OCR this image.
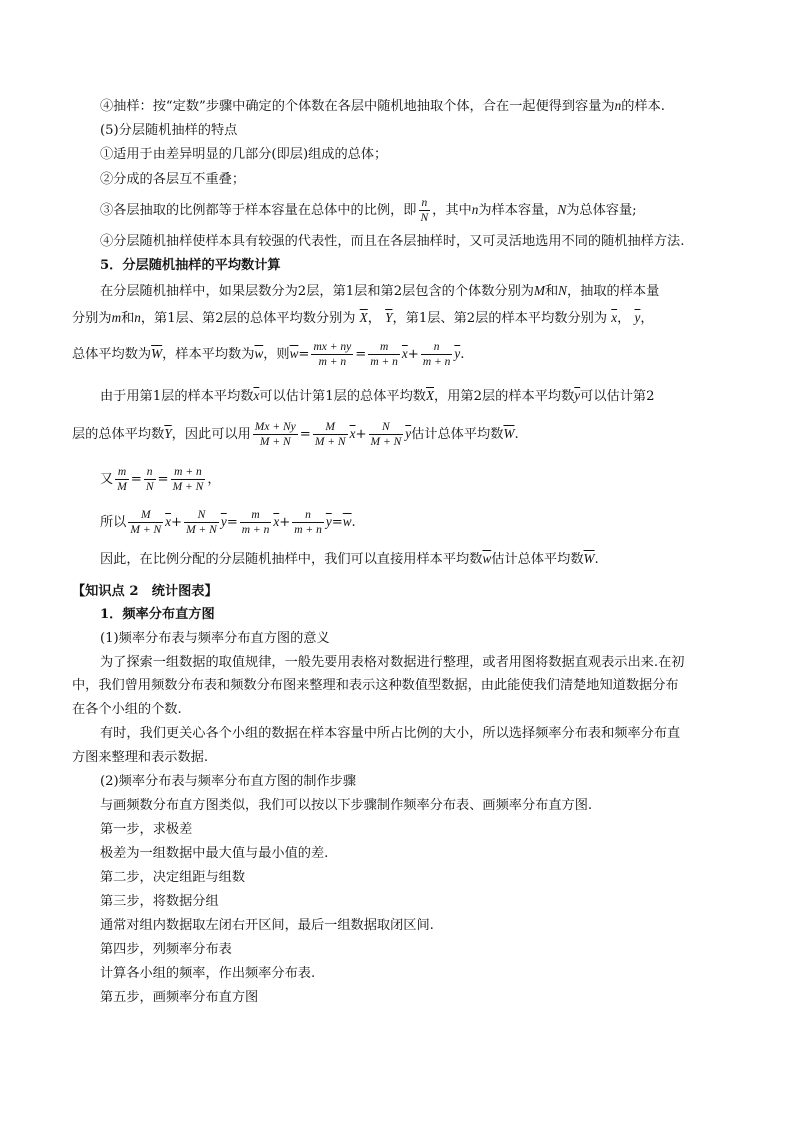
④抽样：按“定数”步骤中确定的个体数在各层中随机地抽取个体，合在一起便得到容量为n的样本.
(5)分层随机抽样的特点
①适用于由差异明显的几部分(即层)组成的总体；
②分成的各层互不重叠；
③各层抽取的比例都等于样本容量在总体中的比例，即 $\frac{n}{N}$ ，其中n为样本容量，N为总体容量;
④分层随机抽样使样本具有较强的代表性，而且在各层抽样时，又可灵活地选用不同的随机抽样方法.
5．分层随机抽样的平均数计算
在分层随机抽样中，如果层数分为2层，第1层和第2层包含的个体数分别为M和N，抽取的样本量
分别为m和n，第1层、第2层的总体平均数分别为 $\overline{X}$， $\overline{Y}$，第1层、第2层的样本平均数分别为 $\overline{x}$， $\overline{y}$，
总体平均数为$\overline{W}$，样本平均数为$\overline{w}$，则$\overline{w}= \frac{mx + ny}{m + n} = \frac{m}{m + n} \overline{x}+ \frac{n}{m + n} \overline{y}$.
由于用第1层的样本平均数$\overline{x}$可以估计第1层的总体平均数$\overline{X}$，用第2层的样本平均数$\overline{y}$可以估计第2
层的总体平均数$\overline{Y}$，因此可以用 $\frac{Mx + Ny}{M + N} = \frac{M}{M + N} \overline{x}+ \frac{N}{M + N} \overline{y}$估计总体平均数$\overline{W}$.
又 $\frac{m}{M} = \frac{n}{N} = \frac{m + n}{M + N}$ ，
所以 $\frac{M}{M + N} \overline{x}+ \frac{N}{M + N} \overline{y}= \frac{m}{m + n} \overline{x}+ \frac{n}{m + n} \overline{y}=\overline{w}$.
因此，在比例分配的分层随机抽样中，我们可以直接用样本平均数$\overline{w}$估计总体平均数$\overline{W}$.
【知识点 2　统计图表】
1．频率分布直方图
(1)频率分布表与频率分布直方图的意义
为了探索一组数据的取值规律，一般先要用表格对数据进行整理，或者用图将数据直观表示出来.在初
中，我们曾用频数分布表和频数分布图来整理和表示这种数值型数据，由此能使我们清楚地知道数据分布
在各个小组的个数.
有时，我们更关心各个小组的数据在样本容量中所占比例的大小，所以选择频率分布表和频率分布直
方图来整理和表示数据.
(2)频率分布表与频率分布直方图的制作步骤
与画频数分布直方图类似，我们可以按以下步骤制作频率分布表、画频率分布直方图.
第一步，求极差
极差为一组数据中最大值与最小值的差.
第二步，决定组距与组数
第三步，将数据分组
通常对组内数据取左闭右开区间，最后一组数据取闭区间.
第四步，列频率分布表
计算各小组的频率，作出频率分布表.
第五步，画频率分布直方图
